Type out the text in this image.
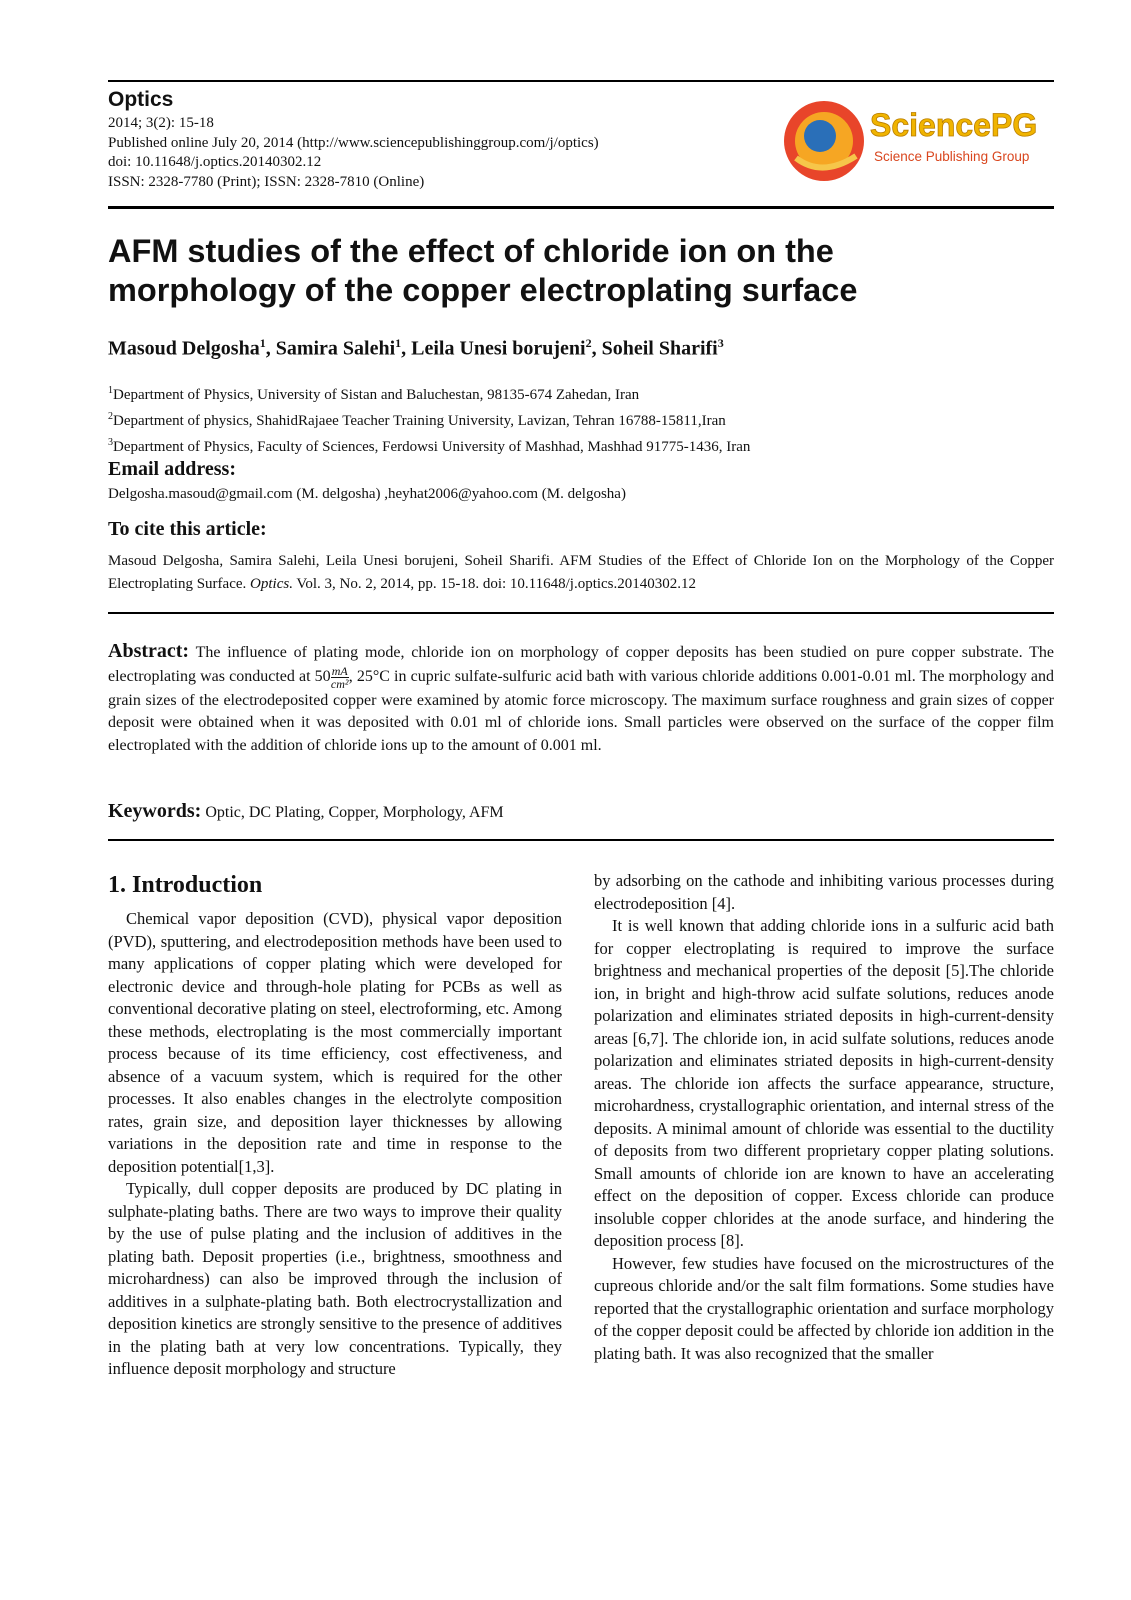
Optics
2014; 3(2): 15-18
Published online July 20, 2014 (http://www.sciencepublishinggroup.com/j/optics)
doi: 10.11648/j.optics.20140302.12
ISSN: 2328-7780 (Print); ISSN: 2328-7810 (Online)
SciencePG
Science Publishing Group
AFM studies of the effect of chloride ion on the
morphology of the copper electroplating surface
Masoud Delgosha$^1$, Samira Salehi$^1$, Leila Unesi borujeni$^2$, Soheil Sharifi$^3$
$^1$Department of Physics, University of Sistan and Baluchestan, 98135-674 Zahedan, Iran
$^2$Department of physics, ShahidRajaee Teacher Training University, Lavizan, Tehran 16788-15811,Iran
$^3$Department of Physics, Faculty of Sciences, Ferdowsi University of Mashhad, Mashhad 91775-1436, Iran
Email address:
Delgosha.masoud@gmail.com (M. delgosha) ,heyhat2006@yahoo.com (M. delgosha)
To cite this article:
Masoud Delgosha, Samira Salehi, Leila Unesi borujeni, Soheil Sharifi. AFM Studies of the Effect of Chloride Ion on the Morphology of the Copper Electroplating Surface. Optics. Vol. 3, No. 2, 2014, pp. 15-18. doi: 10.11648/j.optics.20140302.12
Abstract: The influence of plating mode, chloride ion on morphology of copper deposits has been studied on pure copper substrate. The electroplating was conducted at $50 \frac{mA}{\text{cm²}}$ , 25°C in cupric sulfate-sulfuric acid bath with various chloride additions 0.001-0.01 ml. The morphology and grain sizes of the electrodeposited copper were examined by atomic force microscopy. The maximum surface roughness and grain sizes of copper deposit were obtained when it was deposited with 0.01 ml of chloride ions. Small particles were observed on the surface of the copper film electroplated with the addition of chloride ions up to the amount of 0.001 ml.
Keywords: Optic, DC Plating, Copper, Morphology, AFM
1. Introduction

Chemical vapor deposition (CVD), physical vapor deposition (PVD), sputtering, and electrodeposition methods have been used to many applications of copper plating which were developed for electronic device and through-hole plating for PCBs as well as conventional decorative plating on steel, electroforming, etc. Among these methods, electroplating is the most commercially important process because of its time efficiency, cost effectiveness, and absence of a vacuum system, which is required for the other processes. It also enables changes in the electrolyte composition rates, grain size, and deposition layer thicknesses by allowing variations in the deposition rate and time in response to the deposition potential[1,3].

Typically, dull copper deposits are produced by DC plating in sulphate-plating baths. There are two ways to improve their quality by the use of pulse plating and the inclusion of additives in the plating bath. Deposit properties (i.e., brightness, smoothness and microhardness) can also be improved through the inclusion of additives in a sulphate-plating bath. Both electrocrystallization and deposition kinetics are strongly sensitive to the presence of additives in the plating bath at very low concentrations. Typically, they influence deposit morphology and structure

by adsorbing on the cathode and inhibiting various processes during electrodeposition [4].

It is well known that adding chloride ions in a sulfuric acid bath for copper electroplating is required to improve the surface brightness and mechanical properties of the deposit [5].The chloride ion, in bright and high-throw acid sulfate solutions, reduces anode polarization and eliminates striated deposits in high-current-density areas [6,7]. The chloride ion, in acid sulfate solutions, reduces anode polarization and eliminates striated deposits in high-current-density areas. The chloride ion affects the surface appearance, structure, microhardness, crystallographic orientation, and internal stress of the deposits. A minimal amount of chloride was essential to the ductility of deposits from two different proprietary copper plating solutions. Small amounts of chloride ion are known to have an accelerating effect on the deposition of copper. Excess chloride can produce insoluble copper chlorides at the anode surface, and hindering the deposition process [8].

However, few studies have focused on the microstructures of the cupreous chloride and/or the salt film formations. Some studies have reported that the crystallographic orientation and surface morphology of the copper deposit could be affected by chloride ion addition in the plating bath. It was also recognized that the smaller
